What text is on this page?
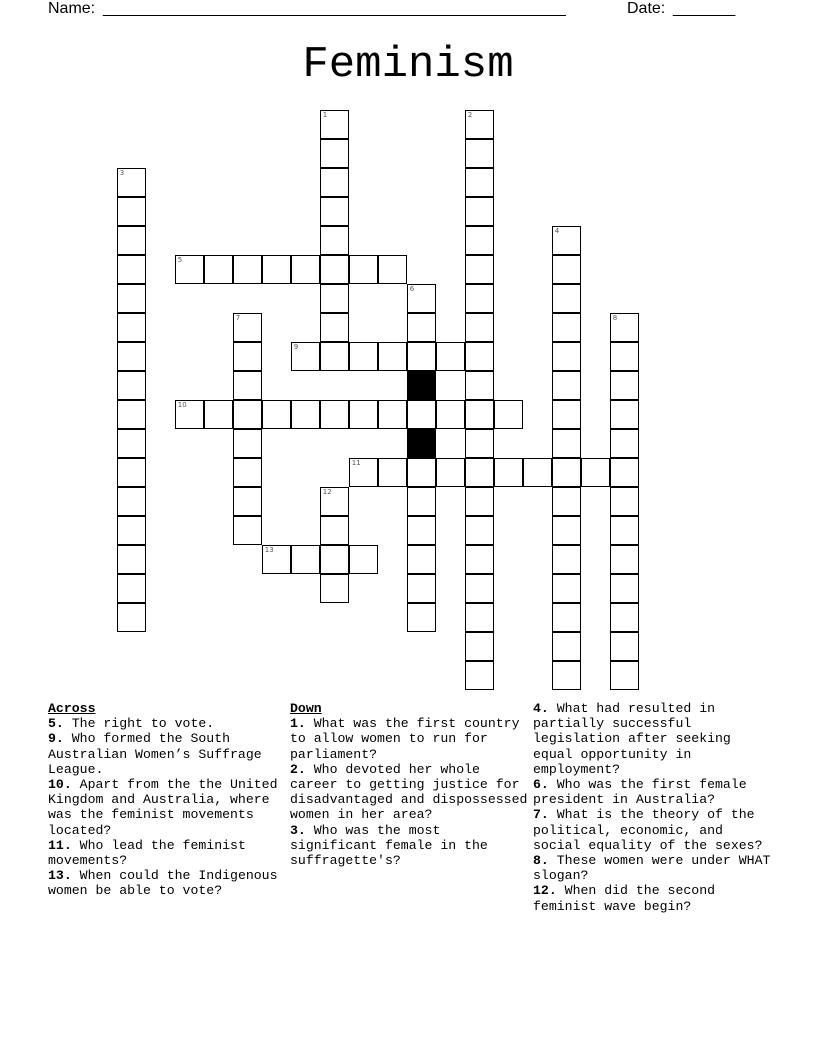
Name: ____________________________________________________	Date: _______
Feminism
1	2
3
4
5
6
7	8
9
10
11
12
13
Across
5. The right to vote.
9. Who formed the South Australian Women’s Suffrage League.
10. Apart from the the United Kingdom and Australia, where was the feminist movements located?
11. Who lead the feminist movements?
13. When could the Indigenous women be able to vote?
Down
1. What was the first country to allow women to run for parliament?
2. Who devoted her whole career to getting justice for disadvantaged and dispossessed women in her area?
3. Who was the most significant female in the suffragette's?
4. What had resulted in partially successful legislation after seeking equal opportunity in employment?
6. Who was the first female president in Australia?
7. What is the theory of the political, economic, and social equality of the sexes?
8. These women were under WHAT slogan?
12. When did the second feminist wave begin?
